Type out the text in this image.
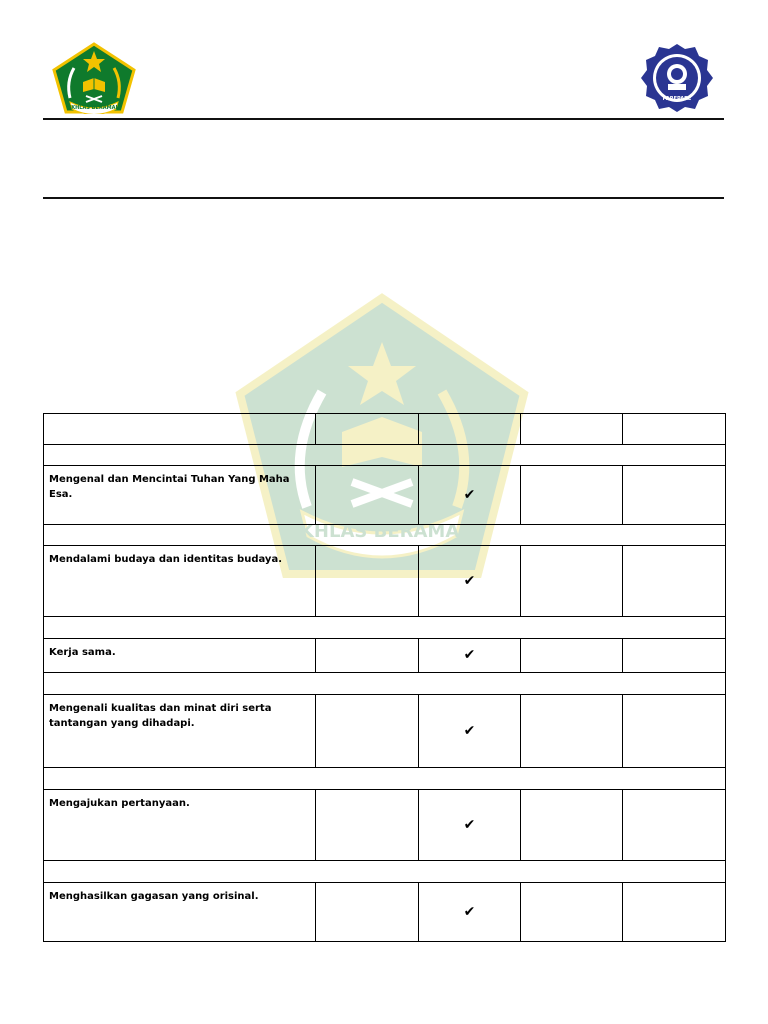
IKHLAS BERAMAL
PAREPARE
IKHLAS BERAMAL

Mengenal dan Mencintai Tuhan Yang Maha Esa.		✔		

Mendalami budaya dan identitas budaya.		✔		

Kerja sama.		✔		

Mengenali kualitas dan minat diri serta tantangan yang dihadapi.		✔		

Mengajukan pertanyaan.		✔		

Menghasilkan gagasan yang orisinal.		✔		
